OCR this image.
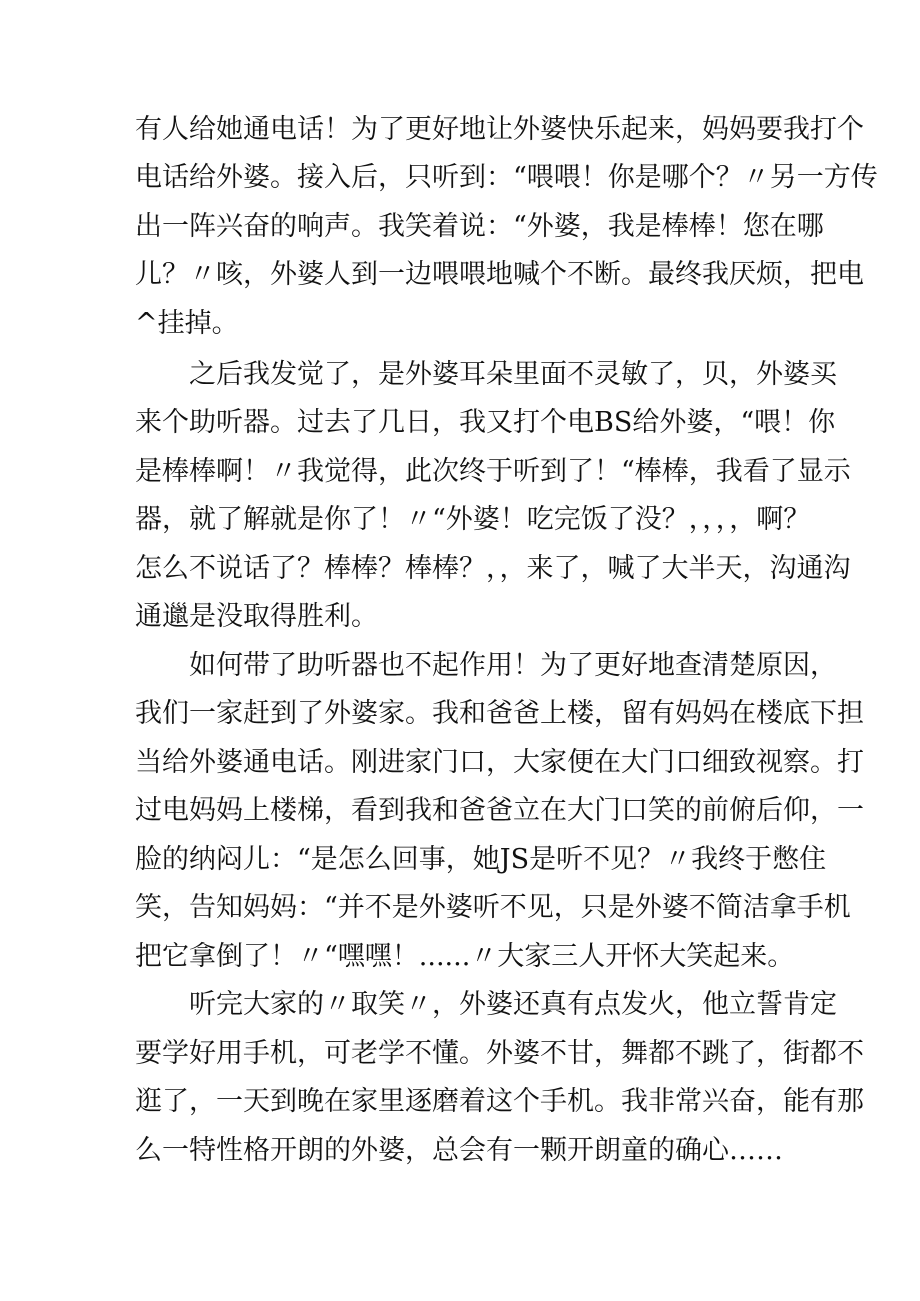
有人给她通电话！为了更好地让外婆快乐起来，妈妈要我打个
电话给外婆。接入后，只听到：“喂喂！你是哪个？〃另一方传
出一阵兴奋的响声。我笑着说：“外婆，我是棒棒！您在哪
儿？〃咳，外婆人到一边喂喂地喊个不断。最终我厌烦，把电
^挂掉。
之后我发觉了，是外婆耳朵里面不灵敏了，贝，外婆买
来个助听器。过去了几日，我又打个电BS给外婆，“喂！你
是棒棒啊！〃我觉得，此次终于听到了！“棒棒，我看了显示
器，就了解就是你了！〃“外婆！吃完饭了没？，，，，啊？
怎么不说话了？棒棒？棒棒？，，来了，喊了大半天，沟通沟
通邋是没取得胜利。
如何带了助听器也不起作用！为了更好地查清楚原因，
我们一家赶到了外婆家。我和爸爸上楼，留有妈妈在楼底下担
当给外婆通电话。刚进家门口，大家便在大门口细致视察。打
过电妈妈上楼梯，看到我和爸爸立在大门口笑的前俯后仰，一
脸的纳闷儿：“是怎么回事，她JS是听不见？〃我终于憋住
笑，告知妈妈：“并不是外婆听不见，只是外婆不简洁拿手机
把它拿倒了！〃“嘿嘿！......〃大家三人开怀大笑起来。
听完大家的〃取笑〃，外婆还真有点发火，他立誓肯定
要学好用手机，可老学不懂。外婆不甘，舞都不跳了，街都不
逛了，一天到晚在家里逐磨着这个手机。我非常兴奋，能有那
么一特性格开朗的外婆，总会有一颗开朗童的确心……
